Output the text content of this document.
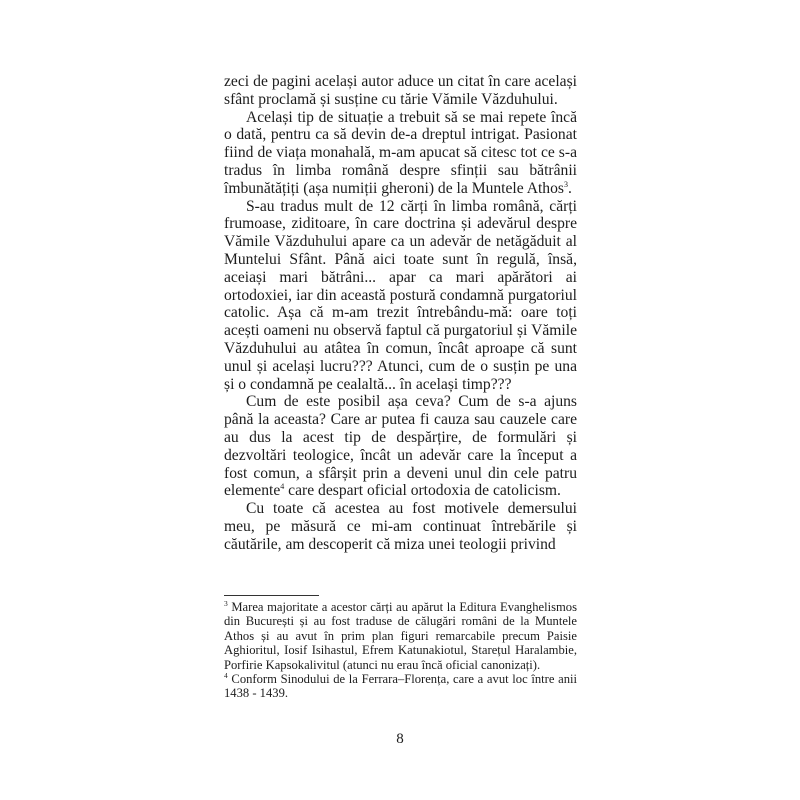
zeci de pagini același autor aduce un citat în care același sfânt proclamă și susține cu tărie Vămile Văzduhului.

Același tip de situație a trebuit să se mai repete încă o dată, pentru ca să devin de-a dreptul intrigat. Pasionat fiind de viața monahală, m-am apucat să citesc tot ce s-a tradus în limba română despre sfinții sau bătrânii îmbunătățiți (așa numiții gheroni) de la Muntele Athos$^3$.

S-au tradus mult de 12 cărți în limba română, cărți frumoase, ziditoare, în care doctrina și adevărul despre Vămile Văzduhului apare ca un adevăr de netăgăduit al Muntelui Sfânt. Până aici toate sunt în regulă, însă, aceiași mari bătrâni... apar ca mari apărători ai ortodoxiei, iar din această postură condamnă purgatoriul catolic. Așa că m-am trezit întrebându-mă: oare toți acești oameni nu observă faptul că purgatoriul și Vămile Văzduhului au atâtea în comun, încât aproape că sunt unul și același lucru??? Atunci, cum de o susțin pe una și o condamnă pe cealaltă... în același timp???

Cum de este posibil așa ceva? Cum de s-a ajuns până la aceasta? Care ar putea fi cauza sau cauzele care au dus la acest tip de despărțire, de formulări și dezvoltări teologice, încât un adevăr care la început a fost comun, a sfârșit prin a deveni unul din cele patru elemente$^4$ care despart oficial ortodoxia de catolicism.

Cu toate că acestea au fost motivele demersului meu, pe măsură ce mi-am continuat întrebările și căutările, am descoperit că miza unei teologii privind

$^3$ Marea majoritate a acestor cărți au apărut la Editura Evanghelismos din București și au fost traduse de călugări români de la Muntele Athos și au avut în prim plan figuri remarcabile precum Paisie Aghioritul, Iosif Isihastul, Efrem Katunakiotul, Starețul Haralambie, Porfirie Kapsokalivitul (atunci nu erau încă oficial canonizați).

$^4$ Conform Sinodului de la Ferrara–Florența, care a avut loc între anii 1438 - 1439.

8
